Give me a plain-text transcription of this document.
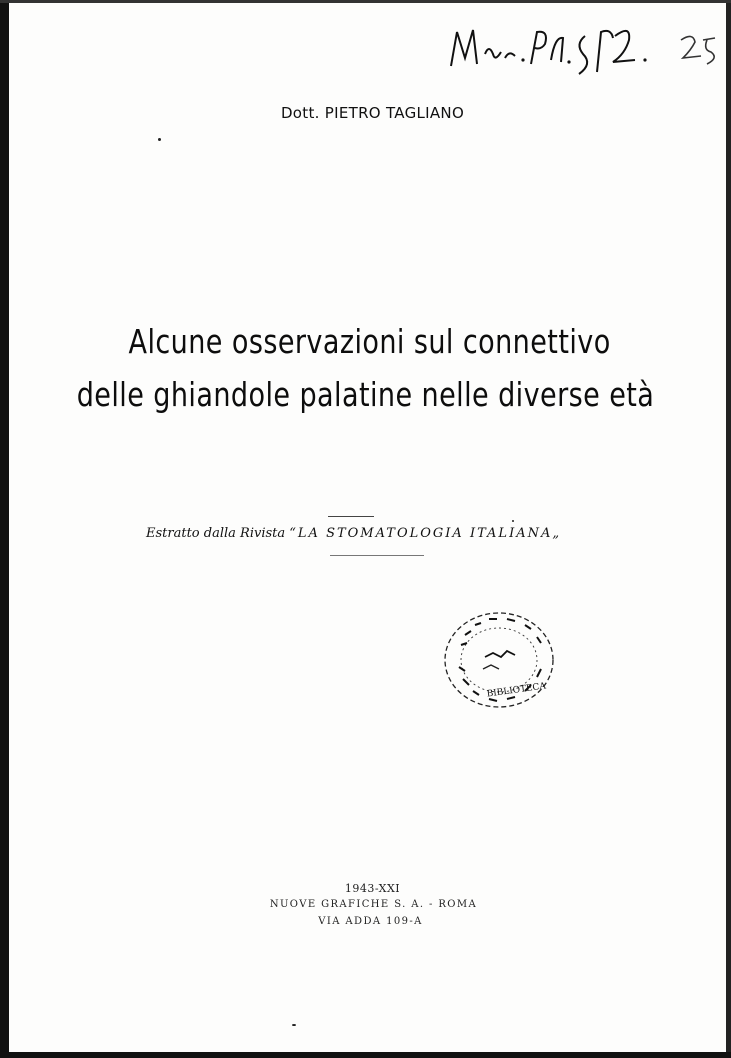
Dott. PIETRO TAGLIANO
Alcune osservazioni sul connettivo
delle ghiandole palatine nelle diverse età
Estratto dalla Rivista “LA STOMATOLOGIA ITALIANA„
BIBLIOTECA
1943-XXI
NUOVE GRAFICHE S. A. - ROMA
VIA ADDA 109-A
